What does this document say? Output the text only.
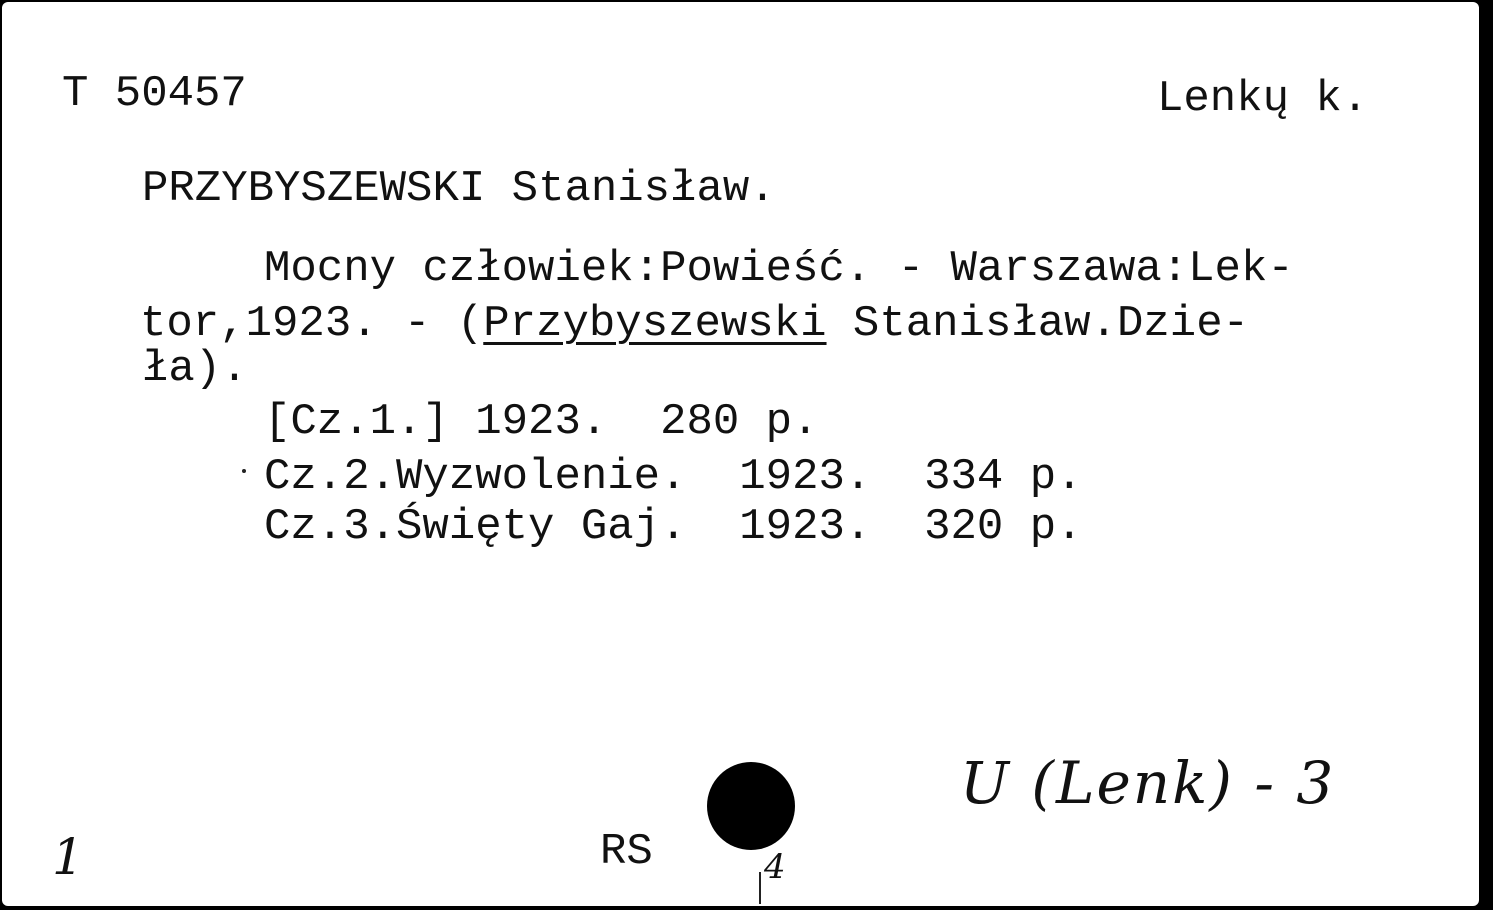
T 50457	Lenkų k.
PRZYBYSZEWSKI Stanisław.
Mocny człowiek:Powieść. - Warszawa:Lek-
tor,1923. - (Przybyszewski Stanisław.Dzie-
ła).
[Cz.1.] 1923.  280 p.
Cz.2.Wyzwolenie.  1923.  334 p.
Cz.3.Święty Gaj.  1923.  320 p.
U (Lenk) - 3
1	RS	4
